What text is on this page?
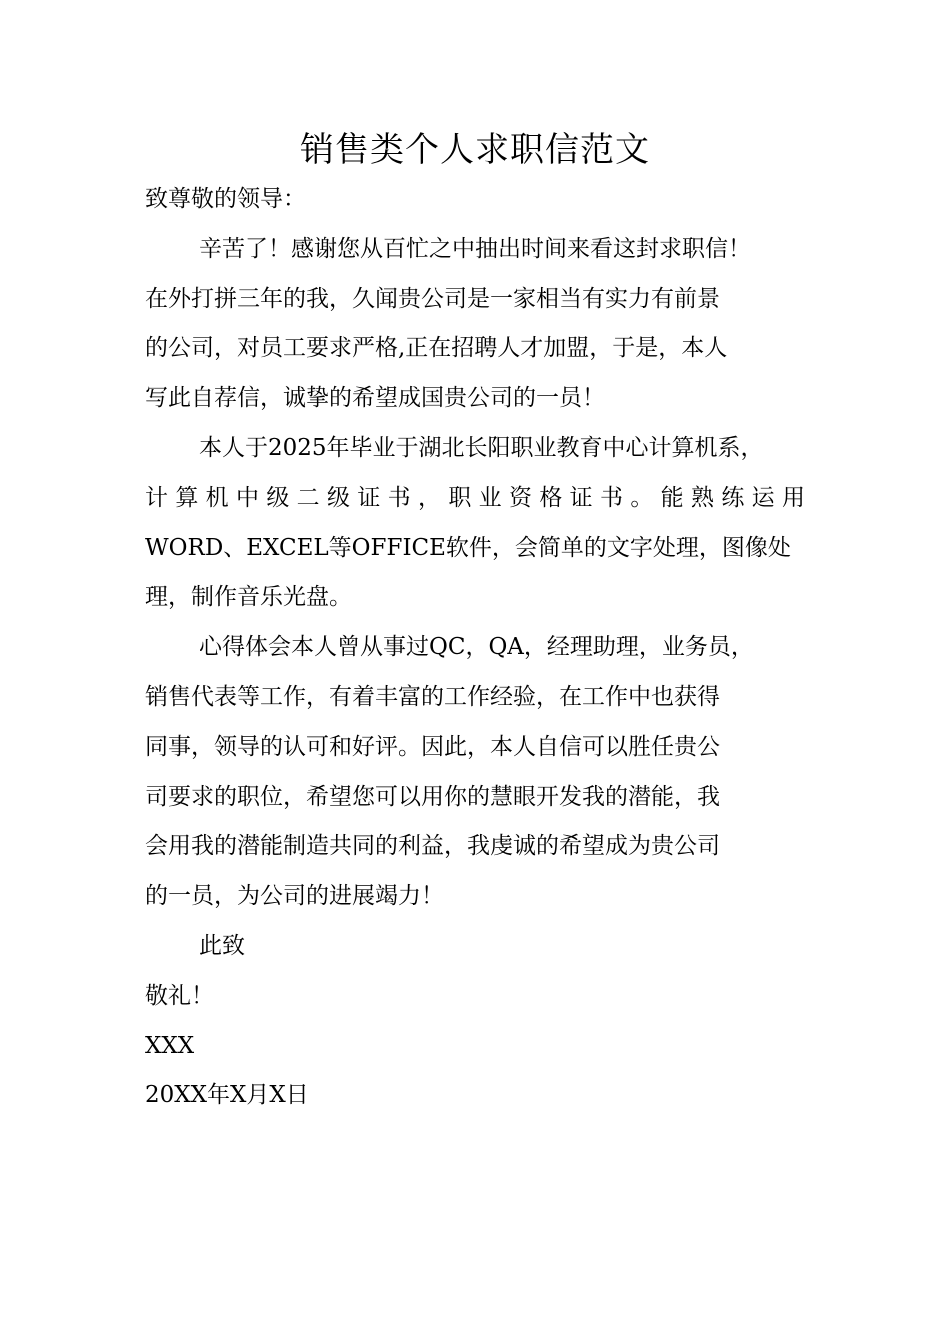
销售类个人求职信范文
致尊敬的领导：
辛苦了！感谢您从百忙之中抽出时间来看这封求职信！
在外打拼三年的我，久闻贵公司是一家相当有实力有前景
的公司，对员工要求严格,正在招聘人才加盟，于是，本人
写此自荐信，诚挚的希望成国贵公司的一员！
本人于2025年毕业于湖北长阳职业教育中心计算机系，
计算机中级二级证书，职业资格证书。能熟练运用
WORD、EXCEL等OFFICE软件，会简单的文字处理，图像处
理，制作音乐光盘。
心得体会本人曾从事过QC，QA，经理助理，业务员，
销售代表等工作，有着丰富的工作经验，在工作中也获得
同事，领导的认可和好评。因此，本人自信可以胜任贵公
司要求的职位，希望您可以用你的慧眼开发我的潜能，我
会用我的潜能制造共同的利益，我虔诚的希望成为贵公司
的一员，为公司的进展竭力！
此致
敬礼！
XXX
20XX年X月X日
